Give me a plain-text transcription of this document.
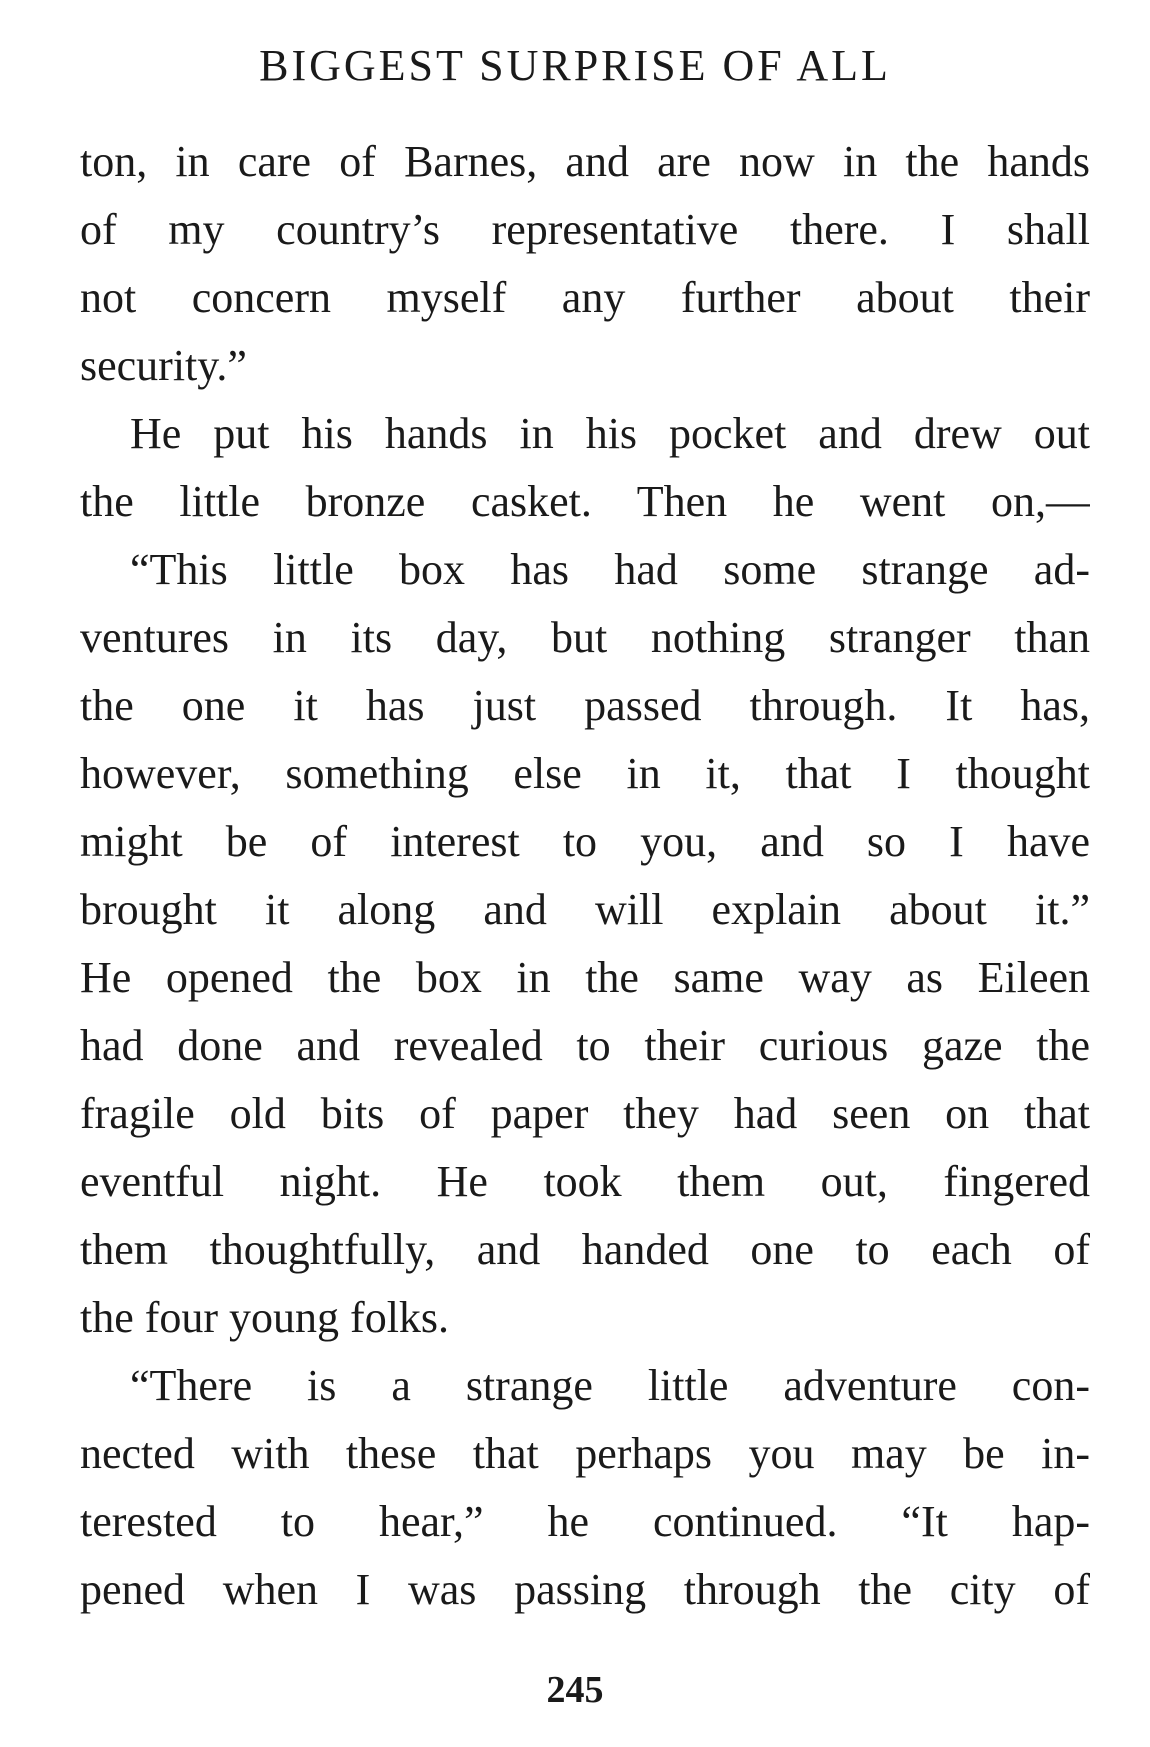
BIGGEST SURPRISE OF ALL
ton, in care of Barnes, and are now in the hands
of my country’s representative there. I shall
not concern myself any further about their
security.”
He put his hands in his pocket and drew out
the little bronze casket. Then he went on,—
“This little box has had some strange ad-
ventures in its day, but nothing stranger than
the one it has just passed through. It has,
however, something else in it, that I thought
might be of interest to you, and so I have
brought it along and will explain about it.”
He opened the box in the same way as Eileen
had done and revealed to their curious gaze the
fragile old bits of paper they had seen on that
eventful night. He took them out, fingered
them thoughtfully, and handed one to each of
the four young folks.
“There is a strange little adventure con-
nected with these that perhaps you may be in-
terested to hear,” he continued. “It hap-
pened when I was passing through the city of
245
